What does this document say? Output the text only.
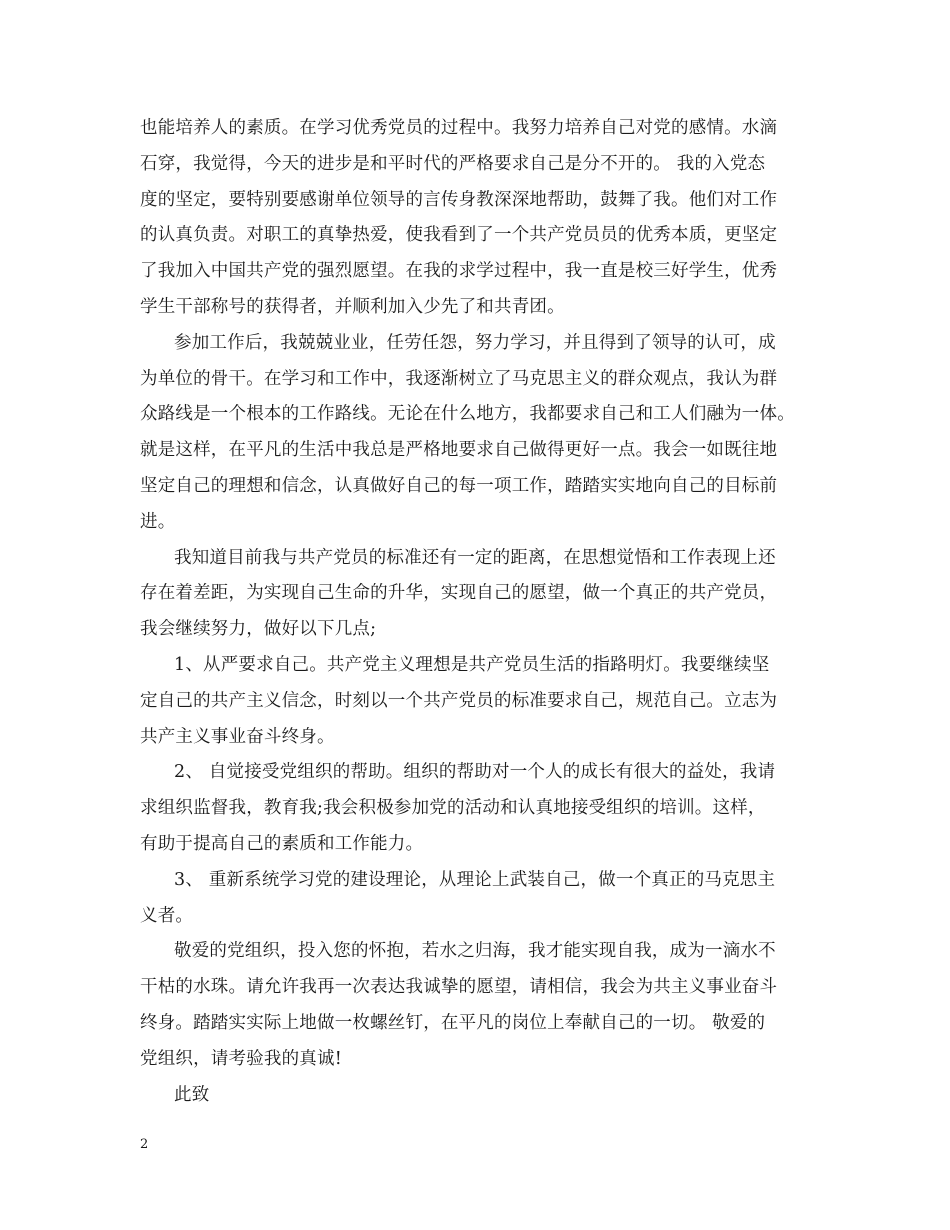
也能培养人的素质。在学习优秀党员的过程中。我努力培养自己对党的感情。水滴
石穿，我觉得，今天的进步是和平时代的严格要求自己是分不开的。 我的入党态
度的坚定，要特别要感谢单位领导的言传身教深深地帮助，鼓舞了我。他们对工作
的认真负责。对职工的真挚热爱，使我看到了一个共产党员员的优秀本质，更坚定
了我加入中国共产党的强烈愿望。在我的求学过程中，我一直是校三好学生，优秀
学生干部称号的获得者，并顺利加入少先了和共青团。
参加工作后，我兢兢业业，任劳任怨，努力学习，并且得到了领导的认可，成
为单位的骨干。在学习和工作中，我逐渐树立了马克思主义的群众观点，我认为群
众路线是一个根本的工作路线。无论在什么地方，我都要求自己和工人们融为一体。
就是这样，在平凡的生活中我总是严格地要求自己做得更好一点。我会一如既往地
坚定自己的理想和信念，认真做好自己的每一项工作，踏踏实实地向自己的目标前
进。
我知道目前我与共产党员的标准还有一定的距离，在思想觉悟和工作表现上还
存在着差距，为实现自己生命的升华，实现自己的愿望，做一个真正的共产党员，
我会继续努力，做好以下几点;
1、从严要求自己。共产党主义理想是共产党员生活的指路明灯。我要继续坚
定自己的共产主义信念，时刻以一个共产党员的标准要求自己，规范自己。立志为
共产主义事业奋斗终身。
2、 自觉接受党组织的帮助。组织的帮助对一个人的成长有很大的益处，我请
求组织监督我，教育我;我会积极参加党的活动和认真地接受组织的培训。这样，
有助于提高自己的素质和工作能力。
3、 重新系统学习党的建设理论，从理论上武装自己，做一个真正的马克思主
义者。
敬爱的党组织，投入您的怀抱，若水之归海，我才能实现自我，成为一滴水不
干枯的水珠。请允许我再一次表达我诚挚的愿望，请相信，我会为共主义事业奋斗
终身。踏踏实实际上地做一枚螺丝钉，在平凡的岗位上奉献自己的一切。 敬爱的
党组织，请考验我的真诚!
此致
2
